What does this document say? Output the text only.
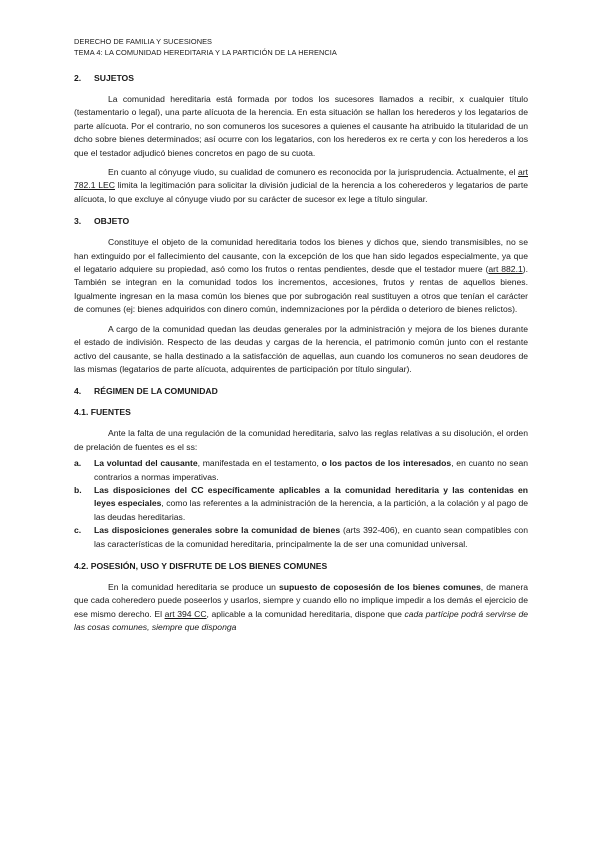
DERECHO DE FAMILIA Y SUCESIONES
TEMA 4: LA COMUNIDAD HEREDITARIA Y LA PARTICIÓN DE LA HERENCIA
2. SUJETOS

La comunidad hereditaria está formada por todos los sucesores llamados a recibir, x cualquier título (testamentario o legal), una parte alícuota de la herencia. En esta situación se hallan los herederos y los legatarios de parte alícuota. Por el contrario, no son comuneros los sucesores a quienes el causante ha atribuido la titularidad de un dcho sobre bienes determinados; así ocurre con los legatarios, con los herederos ex re certa y con los herederos a los que el testador adjudicó bienes concretos en pago de su cuota.

En cuanto al cónyuge viudo, su cualidad de comunero es reconocida por la jurisprudencia. Actualmente, el art 782.1 LEC limita la legitimación para solicitar la división judicial de la herencia a los coherederos y legatarios de parte alícuota, lo que excluye al cónyuge viudo por su carácter de sucesor ex lege a título singular.

3. OBJETO

Constituye el objeto de la comunidad hereditaria todos los bienes y dichos que, siendo transmisibles, no se han extinguido por el fallecimiento del causante, con la excepción de los que han sido legados especialmente, ya que el legatario adquiere su propiedad, asó como los frutos o rentas pendientes, desde que el testador muere (art 882.1). También se integran en la comunidad todos los incrementos, accesiones, frutos y rentas de aquellos bienes. Igualmente ingresan en la masa común los bienes que por subrogación real sustituyen a otros que tenían el carácter de comunes (ej: bienes adquiridos con dinero común, indemnizaciones por la pérdida o deterioro de bienes relictos).

A cargo de la comunidad quedan las deudas generales por la administración y mejora de los bienes durante el estado de indivisión. Respecto de las deudas y cargas de la herencia, el patrimonio común junto con el restante activo del causante, se halla destinado a la satisfacción de aquellas, aun cuando los comuneros no sean deudores de las mismas (legatarios de parte alícuota, adquirentes de participación por título singular).

4. RÉGIMEN DE LA COMUNIDAD
4.1. FUENTES

Ante la falta de una regulación de la comunidad hereditaria, salvo las reglas relativas a su disolución, el orden de prelación de fuentes es el ss:

a. La voluntad del causante, manifestada en el testamento, o los pactos de los interesados, en cuanto no sean contrarios a normas imperativas.
b. Las disposiciones del CC específicamente aplicables a la comunidad hereditaria y las contenidas en leyes especiales, como las referentes a la administración de la herencia, a la partición, a la colación y al pago de las deudas hereditarias.
c. Las disposiciones generales sobre la comunidad de bienes (arts 392-406), en cuanto sean compatibles con las características de la comunidad hereditaria, principalmente la de ser una comunidad universal.
4.2. POSESIÓN, USO Y DISFRUTE DE LOS BIENES COMUNES

En la comunidad hereditaria se produce un supuesto de coposesión de los bienes comunes, de manera que cada coheredero puede poseerlos y usarlos, siempre y cuando ello no implique impedir a los demás el ejercicio de ese mismo derecho. El art 394 CC, aplicable a la comunidad hereditaria, dispone que cada partícipe podrá servirse de las cosas comunes, siempre que disponga
